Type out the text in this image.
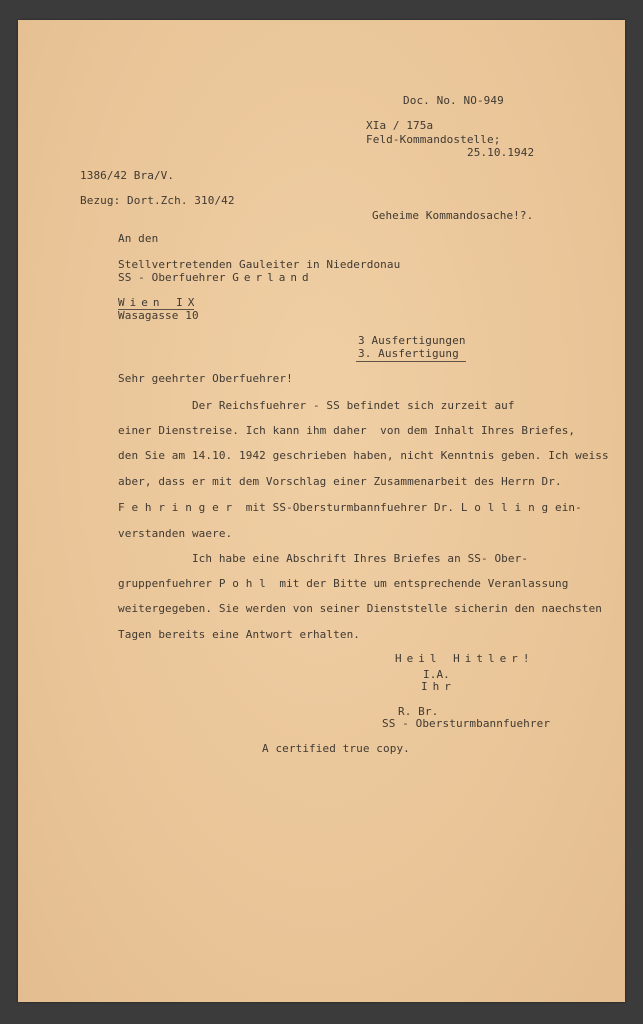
Doc. No. NO-949
XIa / 175a
Feld-Kommandostelle;
25.10.1942
1386/42 Bra/V.
Bezug: Dort.Zch. 310/42
Geheime Kommandosache!?.
An den
Stellvertretenden Gauleiter in Niederdonau
SS - Oberfuehrer Gerland
Wien IX
Wasagasse 10
3 Ausfertigungen
3. Ausfertigung
Sehr geehrter Oberfuehrer!
Der Reichsfuehrer - SS befindet sich zurzeit auf
einer Dienstreise. Ich kann ihm daher  von dem Inhalt Ihres Briefes,
den Sie am 14.10. 1942 geschrieben haben, nicht Kenntnis geben. Ich weiss
aber, dass er mit dem Vorschlag einer Zusammenarbeit des Herrn Dr.
F e h r i n g e r  mit SS-Obersturmbannfuehrer Dr. L o l l i n g ein-
verstanden waere.
Ich habe eine Abschrift Ihres Briefes an SS- Ober-
gruppenfuehrer P o h l  mit der Bitte um entsprechende Veranlassung
weitergegeben. Sie werden von seiner Dienststelle sicherin den naechsten
Tagen bereits eine Antwort erhalten.
Heil Hitler!
I.A.
Ihr
R. Br.
SS - Obersturmbannfuehrer
A certified true copy.
